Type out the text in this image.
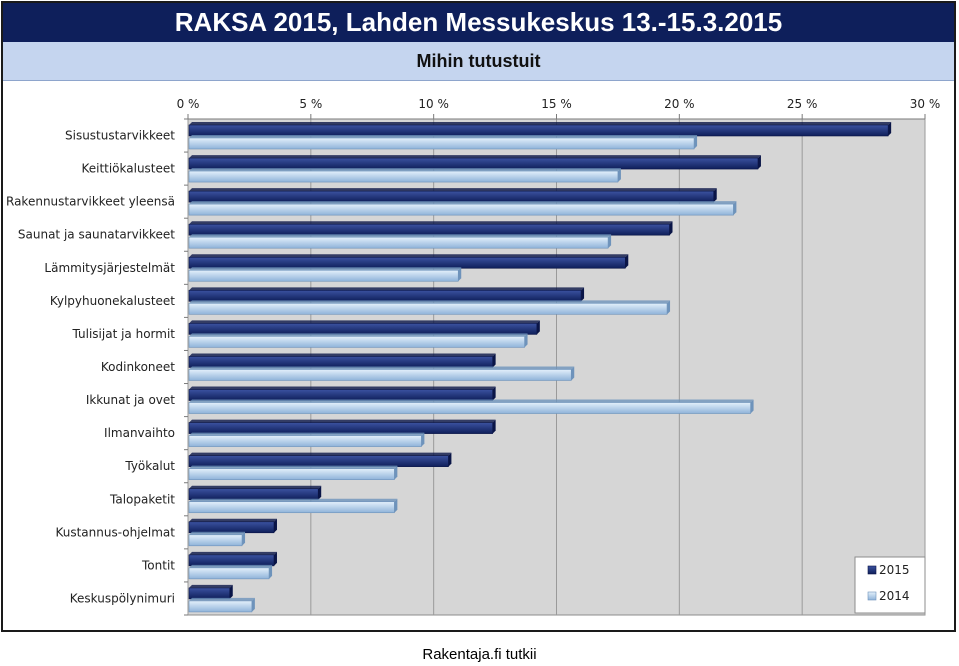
RAKSA 2015, Lahden Messukeskus 13.-15.3.2015
Mihin tutustuit
0 %	5 %	10 %	15 %	20 %	25 %	30 %
Sisustustarvikkeet
Keittiökalusteet
Rakennustarvikkeet yleensä
Saunat ja saunatarvikkeet
Lämmitysjärjestelmät
Kylpyhuonekalusteet
Tulisijat ja hormit
Kodinkoneet
Ikkunat ja ovet
Ilmanvaihto
Työkalut
Talopaketit
Kustannus-ohjelmat
Tontit
Keskuspölynimuri
2015
2014
Rakentaja.fi tutkii
